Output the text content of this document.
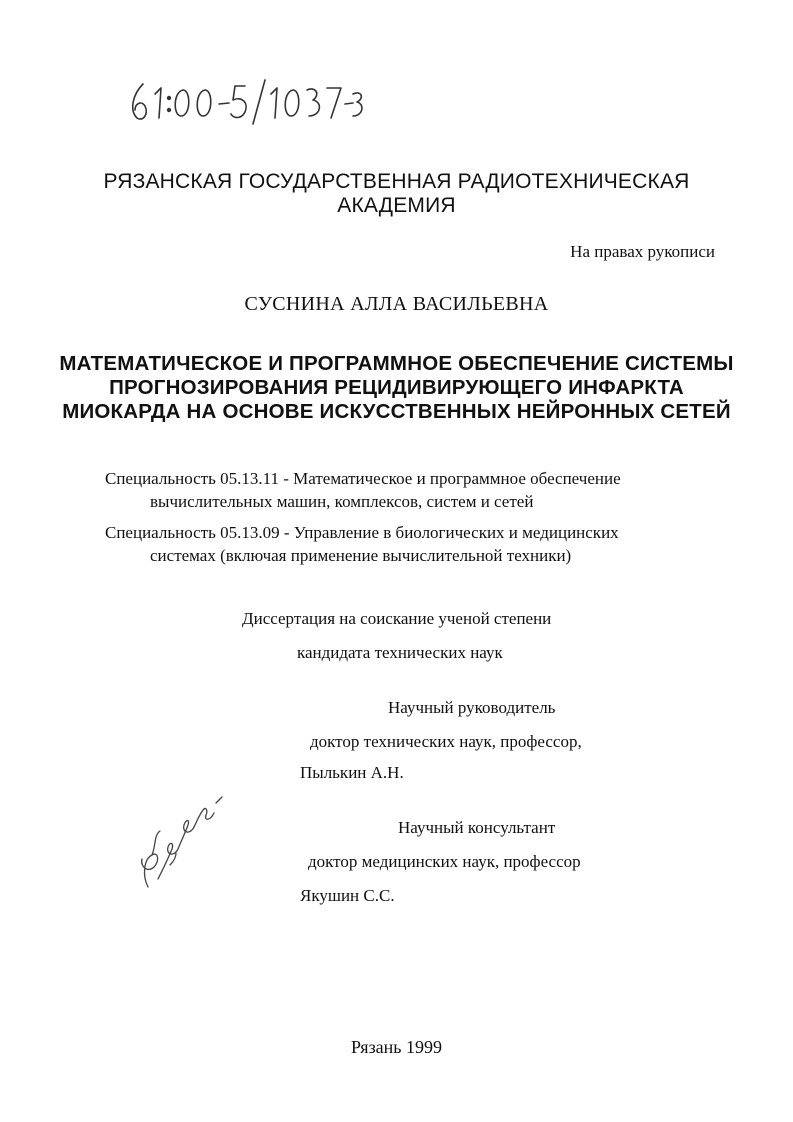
РЯЗАНСКАЯ ГОСУДАРСТВЕННАЯ РАДИОТЕХНИЧЕСКАЯ
АКАДЕМИЯ
На правах рукописи
СУСНИНА АЛЛА ВАСИЛЬЕВНА
МАТЕМАТИЧЕСКОЕ И ПРОГРАММНОЕ ОБЕСПЕЧЕНИЕ СИСТЕМЫ
ПРОГНОЗИРОВАНИЯ РЕЦИДИВИРУЮЩЕГО ИНФАРКТА
МИОКАРДА НА ОСНОВЕ ИСКУССТВЕННЫХ НЕЙРОННЫХ СЕТЕЙ
Специальность 05.13.11 - Математическое и программное обеспечение
вычислительных машин, комплексов, систем и сетей
Специальность 05.13.09 - Управление в биологических и медицинских
системах (включая применение вычислительной техники)
Диссертация на соискание ученой степени
кандидата технических наук
Научный руководитель
доктор технических наук, профессор,
Пылькин А.Н.
Научный консультант
доктор медицинских наук, профессор
Якушин С.С.
Рязань 1999
